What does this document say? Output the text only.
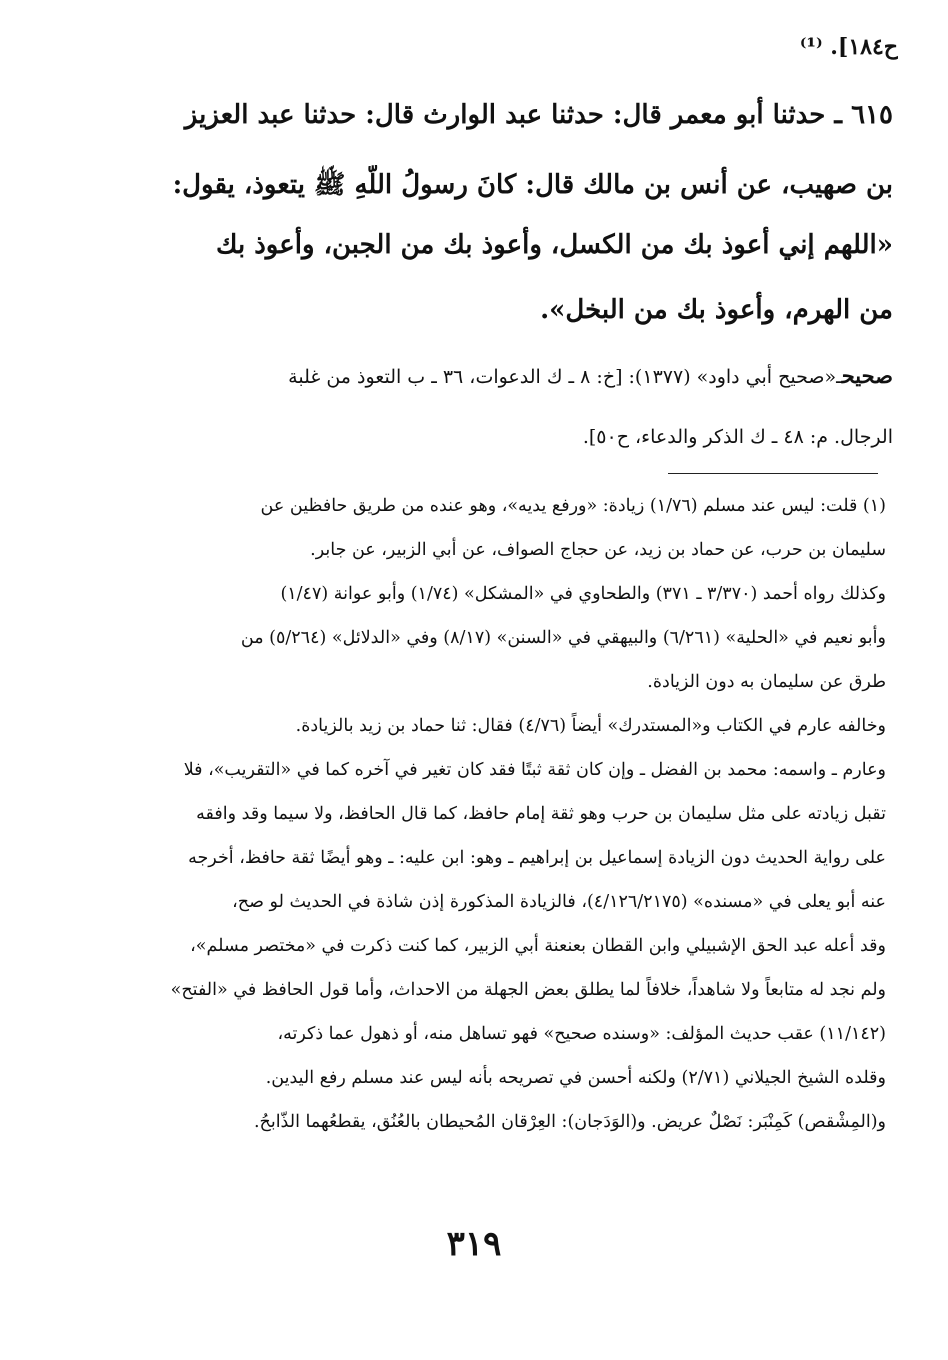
ح١٨٤]. ⁽¹⁾
٦١٥ ـ حدثنا أبو معمر قال: حدثنا عبد الوارث قال: حدثنا عبد العزيز
بن صهيب، عن أنس بن مالك قال: كانَ رسولُ اللّهِ ﷺ يتعوذ، يقول:
«اللهم إني أعوذ بك من الكسل، وأعوذ بك من الجبن، وأعوذ بك
من الهرم، وأعوذ بك من البخل».
صحيحـ«صحيح أبي داود» (١٣٧٧): [خ: ٨ ـ ك الدعوات، ٣٦ ـ ب التعوذ من غلبة
الرجال. م: ٤٨ ـ ك الذكر والدعاء، ح٥٠].
(١) قلت: ليس عند مسلم (١/٧٦) زيادة: «ورفع يديه»، وهو عنده من طريق حافظين عن
سليمان بن حرب، عن حماد بن زيد، عن حجاج الصواف، عن أبي الزبير، عن جابر.
وكذلك رواه أحمد (٣/٣٧٠ ـ ٣٧١) والطحاوي في «المشكل» (١/٧٤) وأبو عوانة (١/٤٧)
وأبو نعيم في «الحلية» (٦/٢٦١) والبيهقي في «السنن» (٨/١٧) وفي «الدلائل» (٥/٢٦٤) من
طرق عن سليمان به دون الزيادة.
وخالفه عارم في الكتاب و«المستدرك» أيضاً (٤/٧٦) فقال: ثنا حماد بن زيد بالزيادة.
وعارم ـ واسمه: محمد بن الفضل ـ وإن كان ثقة ثبتًا فقد كان تغير في آخره كما في «التقريب»، فلا
تقبل زيادته على مثل سليمان بن حرب وهو ثقة إمام حافظ، كما قال الحافظ، ولا سيما وقد وافقه
على رواية الحديث دون الزيادة إسماعيل بن إبراهيم ـ وهو: ابن عليه: ـ وهو أيضًا ثقة حافظ، أخرجه
عنه أبو يعلى في «مسنده» (٤/١٢٦/٢١٧٥)، فالزيادة المذكورة إذن شاذة في الحديث لو صح،
وقد أعله عبد الحق الإشبيلي وابن القطان بعنعنة أبي الزبير، كما كنت ذكرت في «مختصر مسلم»،
ولم نجد له متابعاً ولا شاهداً، خلافاً لما يطلق بعض الجهلة من الاحداث، وأما قول الحافظ في «الفتح»
(١١/١٤٢) عقب حديث المؤلف: «وسنده صحيح» فهو تساهل منه، أو ذهول عما ذكرته،
وقلده الشيخ الجيلاني (٢/٧١) ولكنه أحسن في تصريحه بأنه ليس عند مسلم رفع اليدين.
و(المِشْقص) كَمِنْبَر: نَصْلٌ عريض. و(الوَدَجان): العِرْقان المُحيطان بالعُنُق، يقطعُهما الذّابحُ.
٣١٩
